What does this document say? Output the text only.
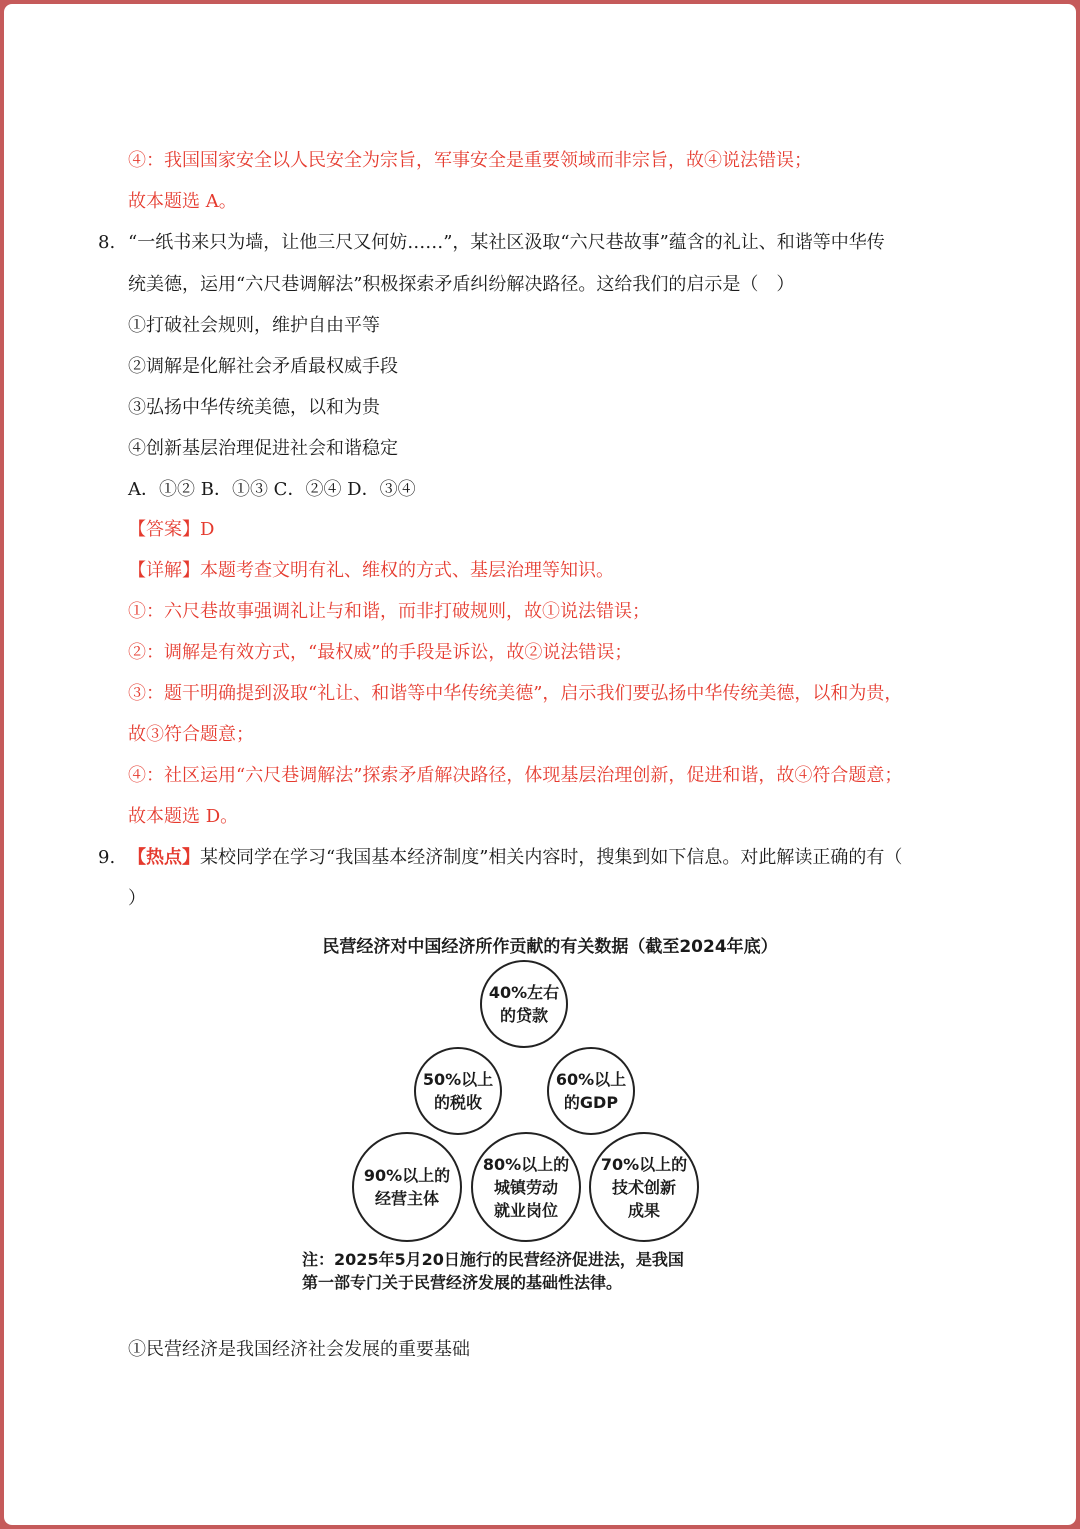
④：我国国家安全以人民安全为宗旨，军事安全是重要领域而非宗旨，故④说法错误；
故本题选 A。
8. “一纸书来只为墙，让他三尺又何妨……”，某社区汲取“六尺巷故事”蕴含的礼让、和谐等中华传
统美德，运用“六尺巷调解法”积极探索矛盾纠纷解决路径。这给我们的启示是（　）
①打破社会规则，维护自由平等
②调解是化解社会矛盾最权威手段
③弘扬中华传统美德，以和为贵
④创新基层治理促进社会和谐稳定
A．①② B．①③ C．②④ D．③④
【答案】D
【详解】本题考查文明有礼、维权的方式、基层治理等知识。
①：六尺巷故事强调礼让与和谐，而非打破规则，故①说法错误；
②：调解是有效方式，“最权威”的手段是诉讼，故②说法错误；
③：题干明确提到汲取“礼让、和谐等中华传统美德”，启示我们要弘扬中华传统美德，以和为贵，
故③符合题意；
④：社区运用“六尺巷调解法”探索矛盾解决路径，体现基层治理创新，促进和谐，故④符合题意；
故本题选 D。
9. 【热点】某校同学在学习“我国基本经济制度”相关内容时，搜集到如下信息。对此解读正确的有（
）
民营经济对中国经济所作贡献的有关数据（截至2024年底）
40%左右
的贷款
50%以上
的税收
60%以上
的GDP
90%以上的
经营主体
80%以上的
城镇劳动
就业岗位
70%以上的
技术创新
成果
注：2025年5月20日施行的民营经济促进法，是我国
第一部专门关于民营经济发展的基础性法律。
①民营经济是我国经济社会发展的重要基础
